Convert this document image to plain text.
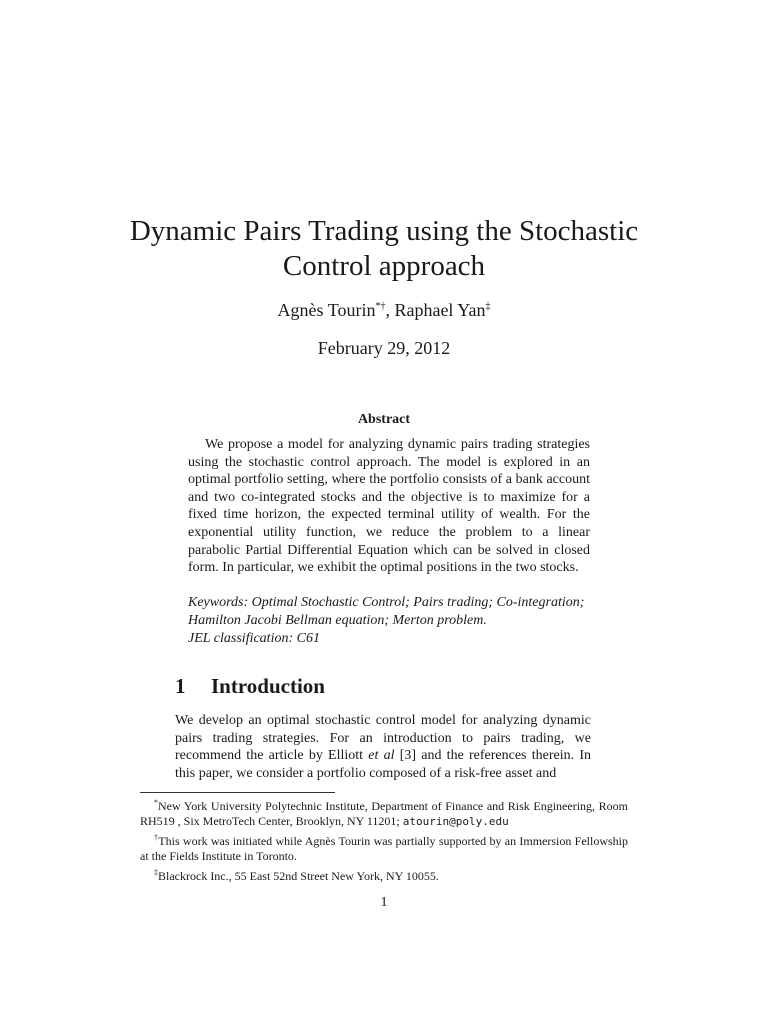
Dynamic Pairs Trading using the Stochastic
Control approach
Agnès Tourin*†, Raphael Yan‡
February 29, 2012
Abstract

We propose a model for analyzing dynamic pairs trading strategies using the stochastic control approach. The model is explored in an optimal portfolio setting, where the portfolio consists of a bank account and two co-integrated stocks and the objective is to maximize for a fixed time horizon, the expected terminal utility of wealth. For the exponential utility function, we reduce the problem to a linear parabolic Partial Differential Equation which can be solved in closed form. In particular, we exhibit the optimal positions in the two stocks.

Keywords: Optimal Stochastic Control; Pairs trading; Co-integration; Hamilton Jacobi Bellman equation; Merton problem.

JEL classification: C61
1 Introduction

We develop an optimal stochastic control model for analyzing dynamic pairs trading strategies. For an introduction to pairs trading, we recommend the article by Elliott et al [3] and the references therein. In this paper, we consider a portfolio composed of a risk-free asset and

*New York University Polytechnic Institute, Department of Finance and Risk Engineering, Room RH519 , Six MetroTech Center, Brooklyn, NY 11201; atourin@poly.edu

†This work was initiated while Agnès Tourin was partially supported by an Immersion Fellowship at the Fields Institute in Toronto.

‡Blackrock Inc., 55 East 52nd Street New York, NY 10055.

1
